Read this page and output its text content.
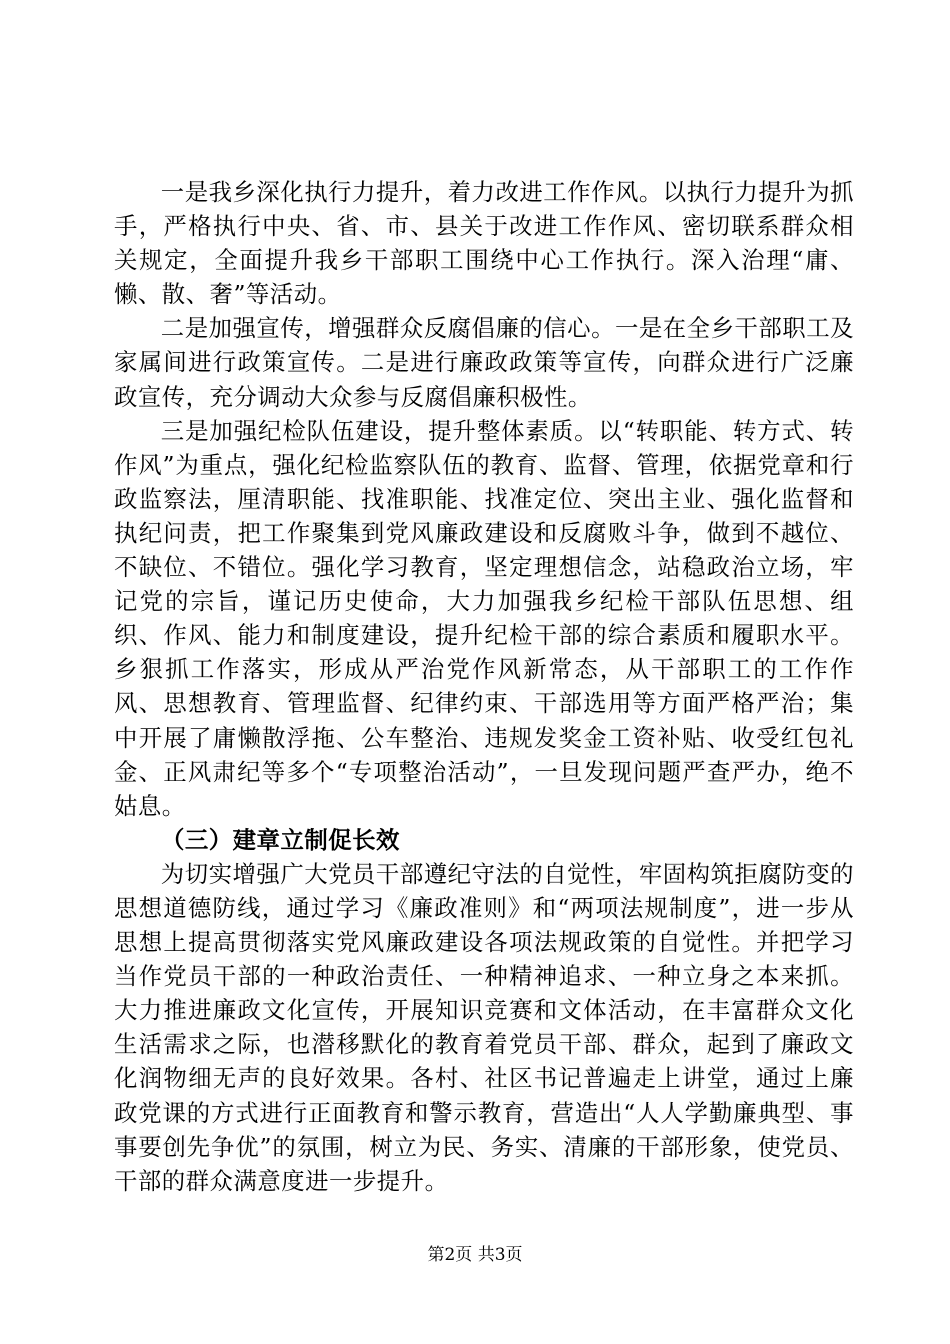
一是我乡深化执行力提升，着力改进工作作风。以执行力提升为抓手，严格执行中央、省、市、县关于改进工作作风、密切联系群众相关规定，全面提升我乡干部职工围绕中心工作执行。深入治理“庸、懒、散、奢”等活动。

二是加强宣传，增强群众反腐倡廉的信心。一是在全乡干部职工及家属间进行政策宣传。二是进行廉政政策等宣传，向群众进行广泛廉政宣传，充分调动大众参与反腐倡廉积极性。

三是加强纪检队伍建设，提升整体素质。以“转职能、转方式、转作风”为重点，强化纪检监察队伍的教育、监督、管理，依据党章和行政监察法，厘清职能、找准职能、找准定位、突出主业、强化监督和执纪问责，把工作聚集到党风廉政建设和反腐败斗争，做到不越位、不缺位、不错位。强化学习教育，坚定理想信念，站稳政治立场，牢记党的宗旨，谨记历史使命，大力加强我乡纪检干部队伍思想、组织、作风、能力和制度建设，提升纪检干部的综合素质和履职水平。乡狠抓工作落实，形成从严治党作风新常态，从干部职工的工作作风、思想教育、管理监督、纪律约束、干部选用等方面严格严治；集中开展了庸懒散浮拖、公车整治、违规发奖金工资补贴、收受红包礼金、正风肃纪等多个“专项整治活动”，一旦发现问题严查严办，绝不姑息。

（三）建章立制促长效

为切实增强广大党员干部遵纪守法的自觉性，牢固构筑拒腐防变的思想道德防线，通过学习《廉政准则》和“两项法规制度”，进一步从思想上提高贯彻落实党风廉政建设各项法规政策的自觉性。并把学习当作党员干部的一种政治责任、一种精神追求、一种立身之本来抓。大力推进廉政文化宣传，开展知识竞赛和文体活动，在丰富群众文化生活需求之际，也潜移默化的教育着党员干部、群众，起到了廉政文化润物细无声的良好效果。各村、社区书记普遍走上讲堂，通过上廉政党课的方式进行正面教育和警示教育，营造出“人人学勤廉典型、事事要创先争优”的氛围，树立为民、务实、清廉的干部形象，使党员、干部的群众满意度进一步提升。

第2页 共3页
